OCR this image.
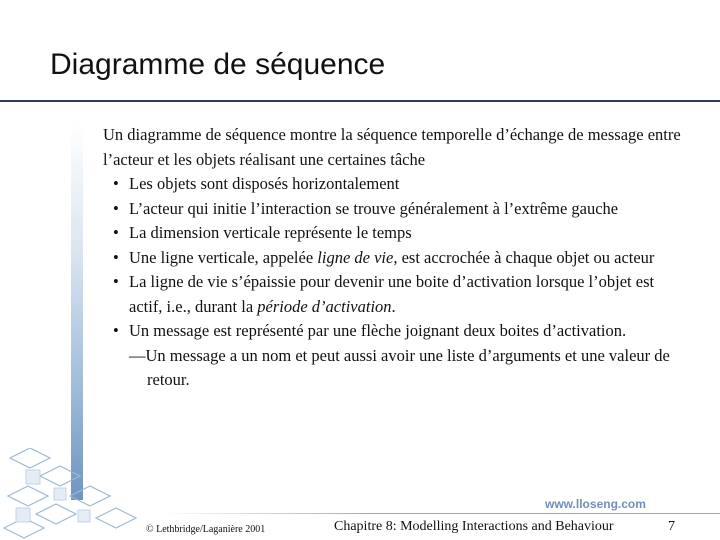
Diagramme de séquence

Un diagramme de séquence montre la séquence temporelle d’échange de message entre l’acteur et les objets réalisant une certaines tâche

• Les objets sont disposés horizontalement
• L’acteur qui initie l’interaction se trouve généralement à l’extrême gauche
• La dimension verticale représente le temps
• Une ligne verticale, appelée ligne de vie, est accrochée à chaque objet ou acteur
• La ligne de vie s’épaissie pour devenir une boite d’activation lorsque l’objet est actif, i.e., durant la période d’activation.
• Un message est représenté par une flèche joignant deux boites d’activation.
—Un message a un nom et peut aussi avoir une liste d’arguments et une valeur de retour.
www.lloseng.com
© Lethbridge/Laganière 2001	Chapitre 8: Modelling Interactions and Behaviour	7
